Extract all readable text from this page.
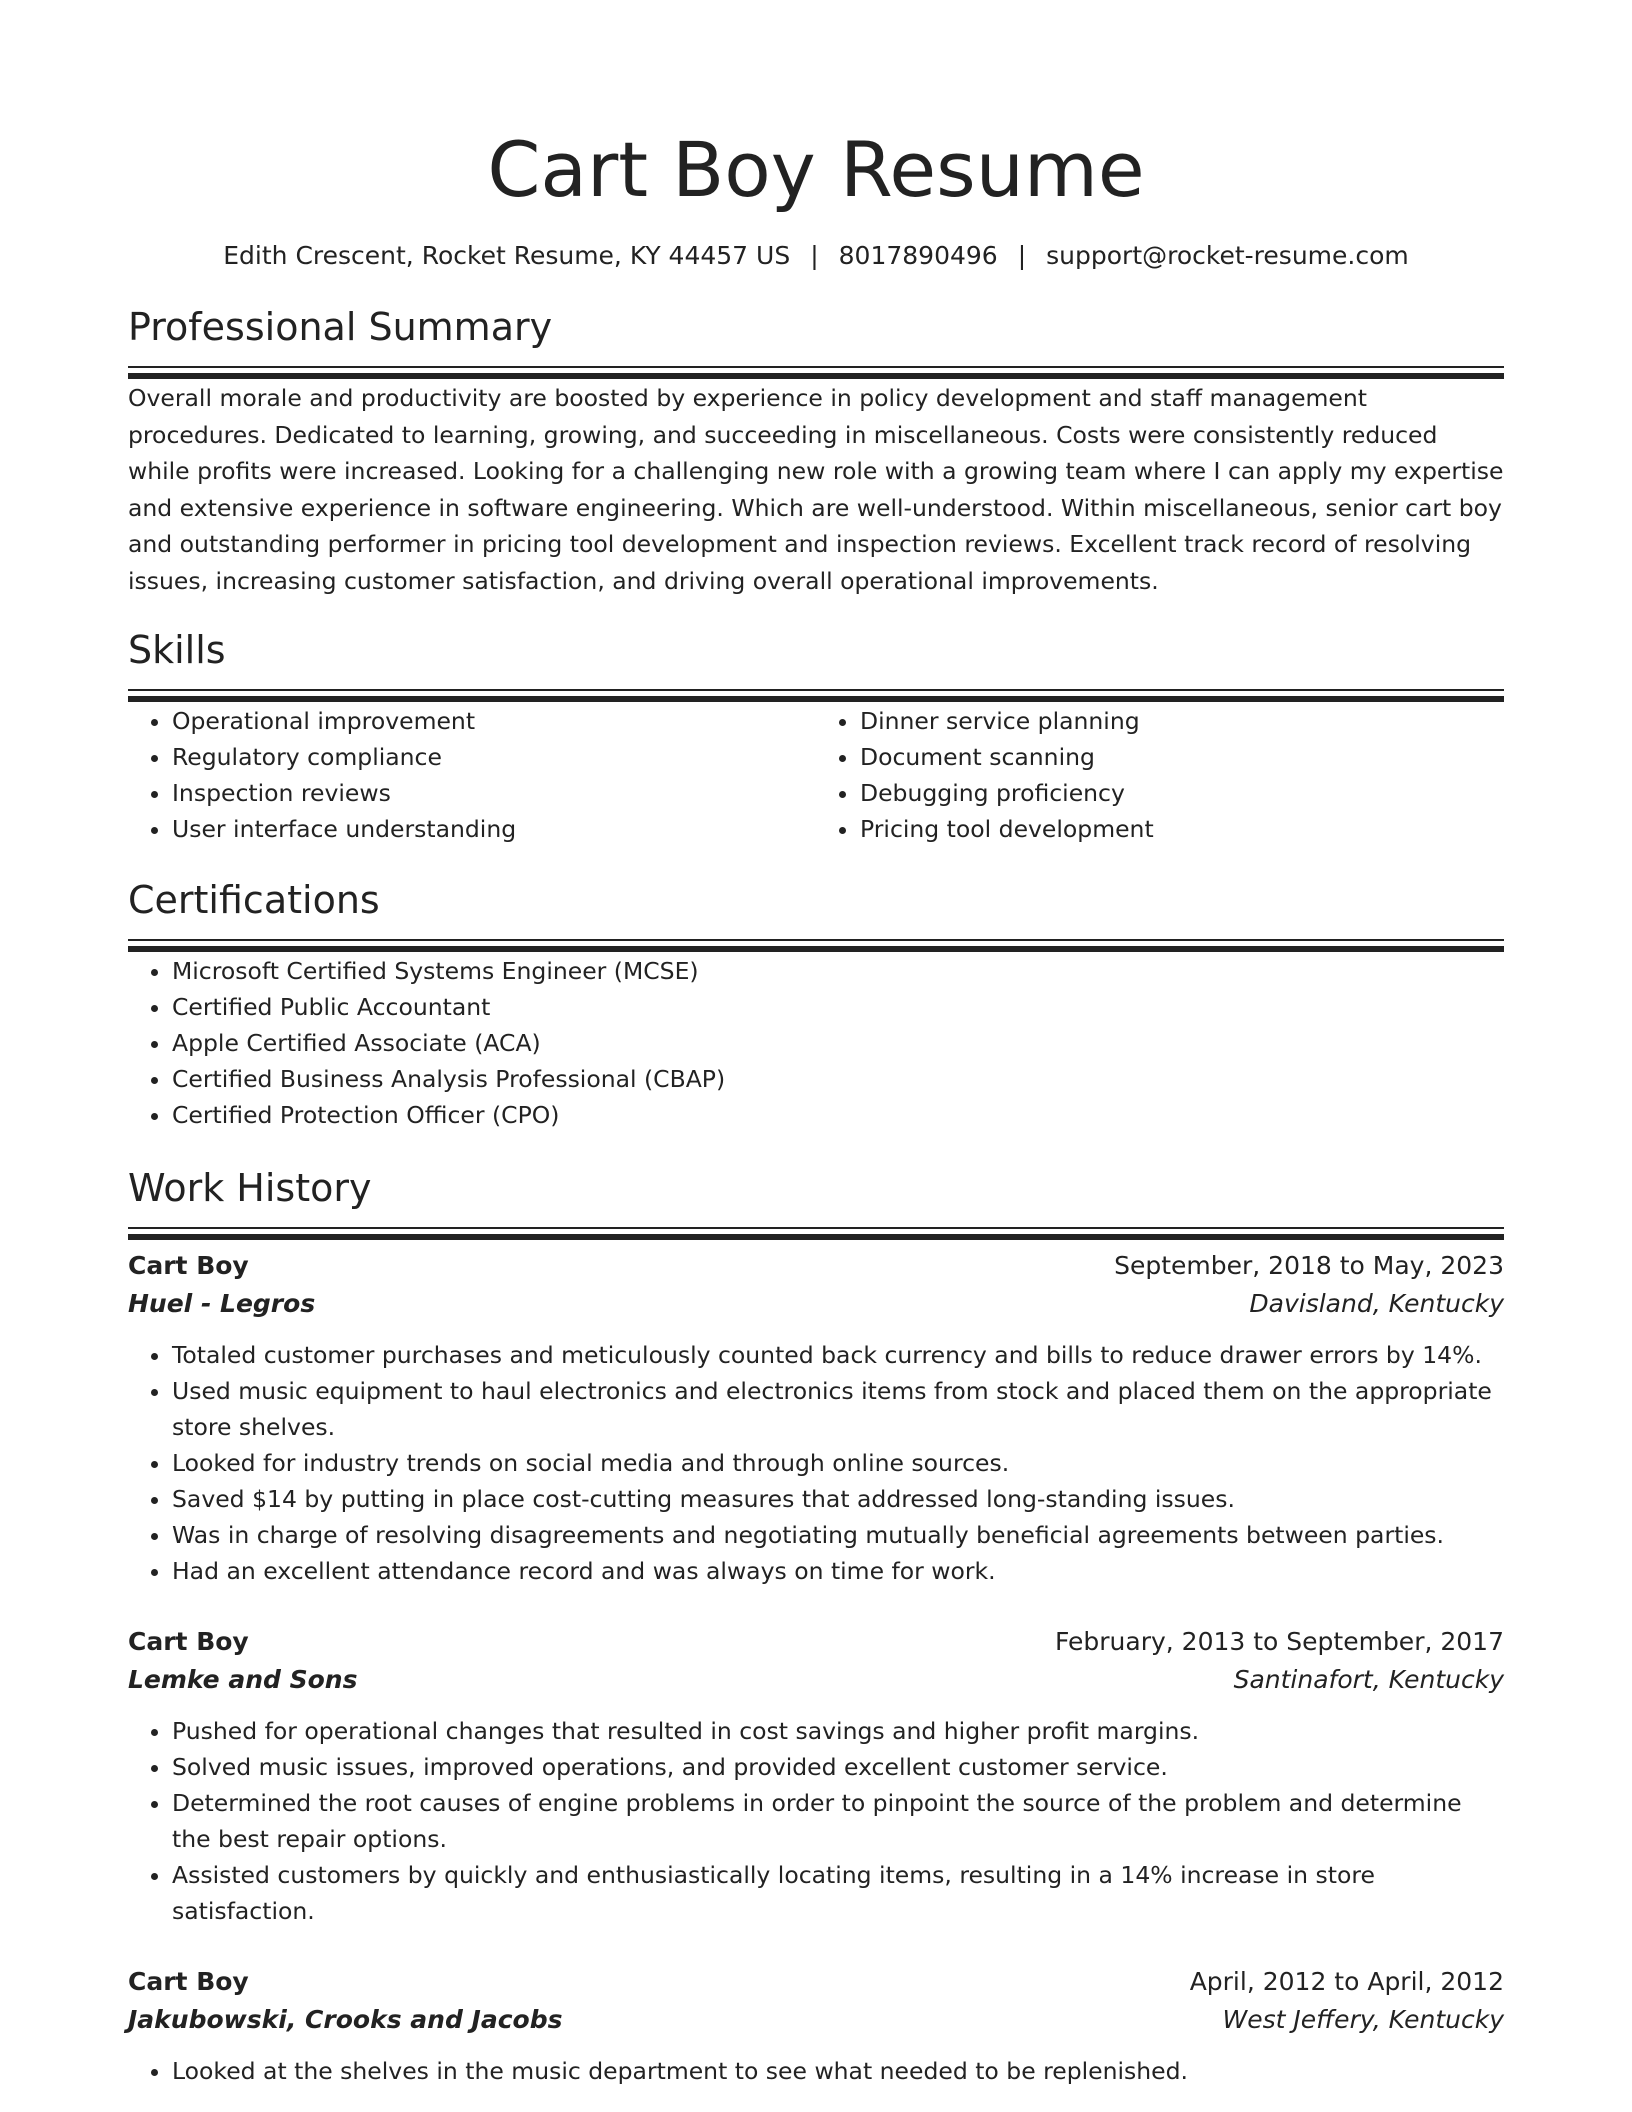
Cart Boy Resume
Edith Crescent, Rocket Resume, KY 44457 US | 8017890496 | support@rocket-resume.com
Professional Summary

Overall morale and productivity are boosted by experience in policy development and staff management procedures. Dedicated to learning, growing, and succeeding in miscellaneous. Costs were consistently reduced while profits were increased. Looking for a challenging new role with a growing team where I can apply my expertise and extensive experience in software engineering. Which are well-understood. Within miscellaneous, senior cart boy and outstanding performer in pricing tool development and inspection reviews. Excellent track record of resolving issues, increasing customer satisfaction, and driving overall operational improvements.

Skills
• Operational improvement
• Regulatory compliance
• Inspection reviews
• User interface understanding
• Dinner service planning
• Document scanning
• Debugging proficiency
• Pricing tool development
Certifications
• Microsoft Certified Systems Engineer (MCSE)
• Certified Public Accountant
• Apple Certified Associate (ACA)
• Certified Business Analysis Professional (CBAP)
• Certified Protection Officer (CPO)
Work History
Cart Boy	September, 2018 to May, 2023
Huel - Legros	Davisland, Kentucky
• Totaled customer purchases and meticulously counted back currency and bills to reduce drawer errors by 14%.
• Used music equipment to haul electronics and electronics items from stock and placed them on the appropriate store shelves.
• Looked for industry trends on social media and through online sources.
• Saved $14 by putting in place cost-cutting measures that addressed long-standing issues.
• Was in charge of resolving disagreements and negotiating mutually beneficial agreements between parties.
• Had an excellent attendance record and was always on time for work.
Cart Boy	February, 2013 to September, 2017
Lemke and Sons	Santinafort, Kentucky
• Pushed for operational changes that resulted in cost savings and higher profit margins.
• Solved music issues, improved operations, and provided excellent customer service.
• Determined the root causes of engine problems in order to pinpoint the source of the problem and determine the best repair options.
• Assisted customers by quickly and enthusiastically locating items, resulting in a 14% increase in store satisfaction.
Cart Boy	April, 2012 to April, 2012
Jakubowski, Crooks and Jacobs	West Jeffery, Kentucky
• Looked at the shelves in the music department to see what needed to be replenished.
